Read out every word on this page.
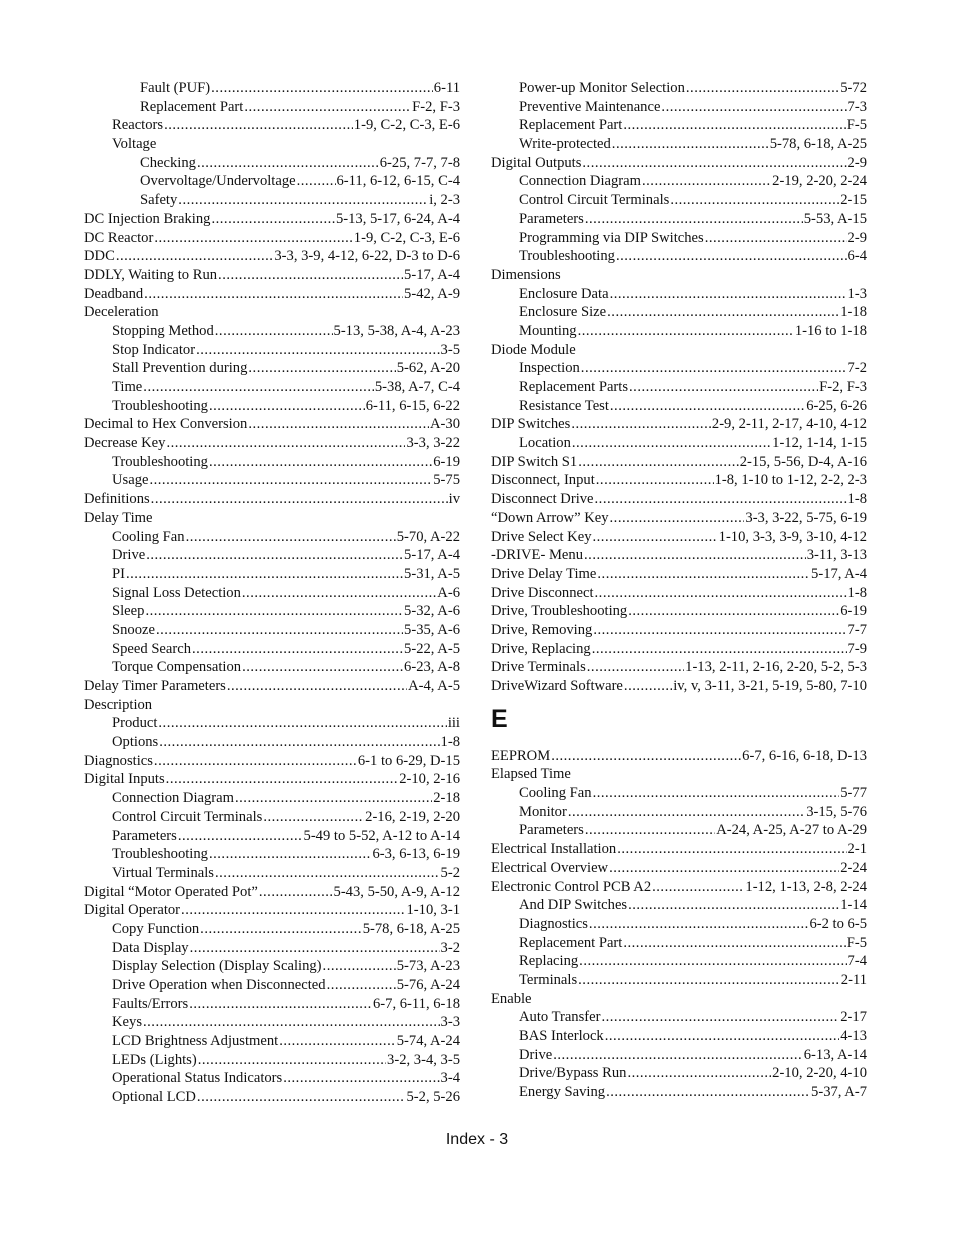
Fault (PUF) .....	6-11
Replacement Part .....	F-2, F-3
Reactors .....	1-9, C-2, C-3, E-6
Voltage
Checking .....	6-25, 7-7, 7-8
Overvoltage/Undervoltage .....	6-11, 6-12, 6-15, C-4
Safety .....	i, 2-3
DC Injection Braking .....	5-13, 5-17, 6-24, A-4
DC Reactor .....	1-9, C-2, C-3, E-6
DDC .....	3-3, 3-9, 4-12, 6-22, D-3 to D-6
DDLY, Waiting to Run .....	5-17, A-4
Deadband .....	5-42, A-9
Deceleration
Stopping Method .....	5-13, 5-38, A-4, A-23
Stop Indicator .....	3-5
Stall Prevention during .....	5-62, A-20
Time .....	5-38, A-7, C-4
Troubleshooting .....	6-11, 6-15, 6-22
Decimal to Hex Conversion .....	A-30
Decrease Key .....	3-3, 3-22
Troubleshooting .....	6-19
Usage .....	5-75
Definitions .....	iv
Delay Time
Cooling Fan .....	5-70, A-22
Drive .....	5-17, A-4
PI .....	5-31, A-5
Signal Loss Detection .....	A-6
Sleep .....	5-32, A-6
Snooze .....	5-35, A-6
Speed Search .....	5-22, A-5
Torque Compensation .....	6-23, A-8
Delay Timer Parameters .....	A-4, A-5
Description
Product .....	iii
Options .....	1-8
Diagnostics .....	6-1 to 6-29, D-15
Digital Inputs .....	2-10, 2-16
Connection Diagram .....	2-18
Control Circuit Terminals .....	2-16, 2-19, 2-20
Parameters .....	5-49 to 5-52, A-12 to A-14
Troubleshooting .....	6-3, 6-13, 6-19
Virtual Terminals .....	5-2
Digital “Motor Operated Pot” .....	5-43, 5-50, A-9, A-12
Digital Operator .....	1-10, 3-1
Copy Function .....	5-78, 6-18, A-25
Data Display .....	3-2
Display Selection (Display Scaling) .....	5-73, A-23
Drive Operation when Disconnected .....	5-76, A-24
Faults/Errors .....	6-7, 6-11, 6-18
Keys .....	3-3
LCD Brightness Adjustment .....	5-74, A-24
LEDs (Lights) .....	3-2, 3-4, 3-5
Operational Status Indicators .....	3-4
Optional LCD .....	5-2, 5-26
Power-up Monitor Selection .....	5-72
Preventive Maintenance .....	7-3
Replacement Part .....	F-5
Write-protected .....	5-78, 6-18, A-25
Digital Outputs .....	2-9
Connection Diagram .....	2-19, 2-20, 2-24
Control Circuit Terminals .....	2-15
Parameters .....	5-53, A-15
Programming via DIP Switches .....	2-9
Troubleshooting .....	6-4
Dimensions
Enclosure Data .....	1-3
Enclosure Size .....	1-18
Mounting .....	1-16 to 1-18
Diode Module
Inspection .....	7-2
Replacement Parts .....	F-2, F-3
Resistance Test .....	6-25, 6-26
DIP Switches .....	2-9, 2-11, 2-17, 4-10, 4-12
Location .....	1-12, 1-14, 1-15
DIP Switch S1 .....	2-15, 5-56, D-4, A-16
Disconnect, Input .....	1-8, 1-10 to 1-12, 2-2, 2-3
Disconnect Drive .....	1-8
“Down Arrow” Key .....	3-3, 3-22, 5-75, 6-19
Drive Select Key .....	1-10, 3-3, 3-9, 3-10, 4-12
-DRIVE- Menu .....	3-11, 3-13
Drive Delay Time .....	5-17, A-4
Drive Disconnect .....	1-8
Drive, Troubleshooting .....	6-19
Drive, Removing .....	7-7
Drive, Replacing .....	7-9
Drive Terminals .....	1-13, 2-11, 2-16, 2-20, 5-2, 5-3
DriveWizard Software .....	iv, v, 3-11, 3-21, 5-19, 5-80, 7-10
E
EEPROM .....	6-7, 6-16, 6-18, D-13
Elapsed Time
Cooling Fan .....	5-77
Monitor .....	3-15, 5-76
Parameters .....	A-24, A-25, A-27 to A-29
Electrical Installation .....	2-1
Electrical Overview .....	2-24
Electronic Control PCB A2 .....	1-12, 1-13, 2-8, 2-24
And DIP Switches .....	1-14
Diagnostics .....	6-2 to 6-5
Replacement Part .....	F-5
Replacing .....	7-4
Terminals .....	2-11
Enable
Auto Transfer .....	2-17
BAS Interlock .....	4-13
Drive .....	6-13, A-14
Drive/Bypass Run .....	2-10, 2-20, 4-10
Energy Saving .....	5-37, A-7
Index - 3
